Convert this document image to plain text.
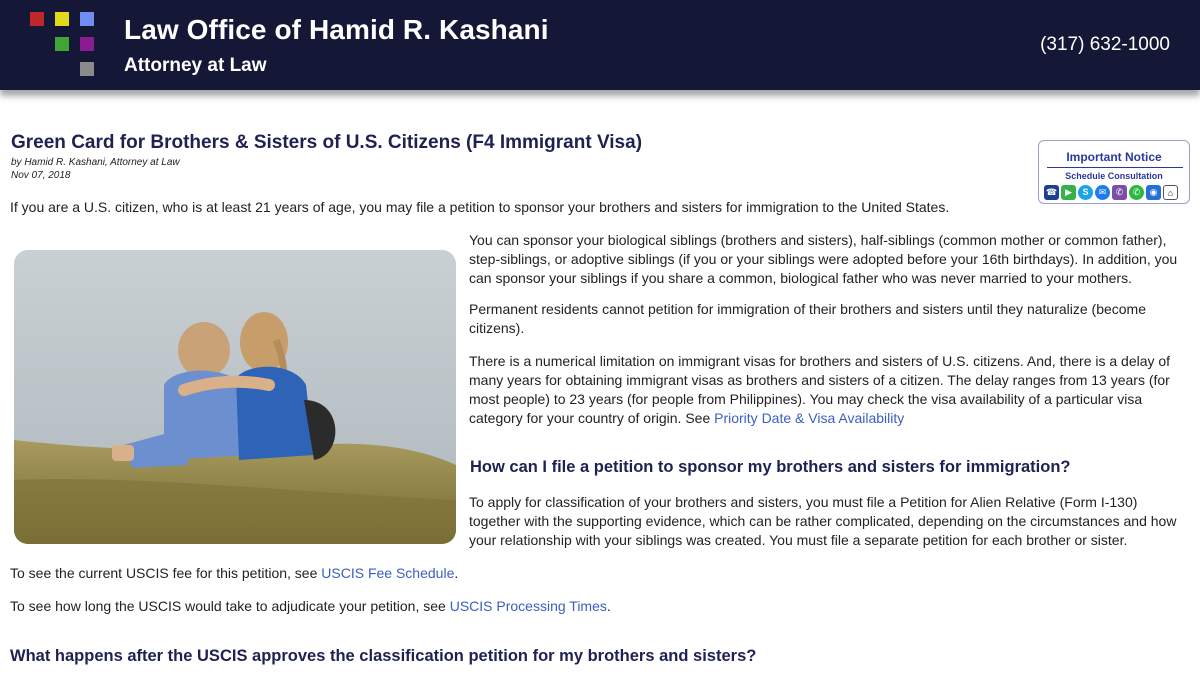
Law Office of Hamid R. Kashani
Attorney at Law
(317) 632-1000
Green Card for Brothers & Sisters of U.S. Citizens (F4 Immigrant Visa)
by Hamid R. Kashani, Attorney at Law
Nov 07, 2018
Important Notice
Schedule Consultation
☎ ▶	S	✉	✆	✆	◉	⌂

If you are a U.S. citizen, who is at least 21 years of age, you may file a petition to sponsor your brothers and sisters for immigration to the United States.

You can sponsor your biological siblings (brothers and sisters), half-siblings (common mother or common father), step-siblings, or adoptive siblings (if you or your siblings were adopted before your 16th birthdays). In addition, you can sponsor your siblings if you share a common, biological father who was never married to your mothers.

Permanent residents cannot petition for immigration of their brothers and sisters until they naturalize (become citizens).

There is a numerical limitation on immigrant visas for brothers and sisters of U.S. citizens. And, there is a delay of many years for obtaining immigrant visas as brothers and sisters of a citizen. The delay ranges from 13 years (for most people) to 23 years (for people from Philippines). You may check the visa availability of a particular visa category for your country of origin. See Priority Date & Visa Availability

How can I file a petition to sponsor my brothers and sisters for immigration?

To apply for classification of your brothers and sisters, you must file a Petition for Alien Relative (Form I-130) together with the supporting evidence, which can be rather complicated, depending on the circumstances and how your relationship with your siblings was created. You must file a separate petition for each brother or sister.

To see the current USCIS fee for this petition, see USCIS Fee Schedule.

To see how long the USCIS would take to adjudicate your petition, see USCIS Processing Times.

What happens after the USCIS approves the classification petition for my brothers and sisters?
